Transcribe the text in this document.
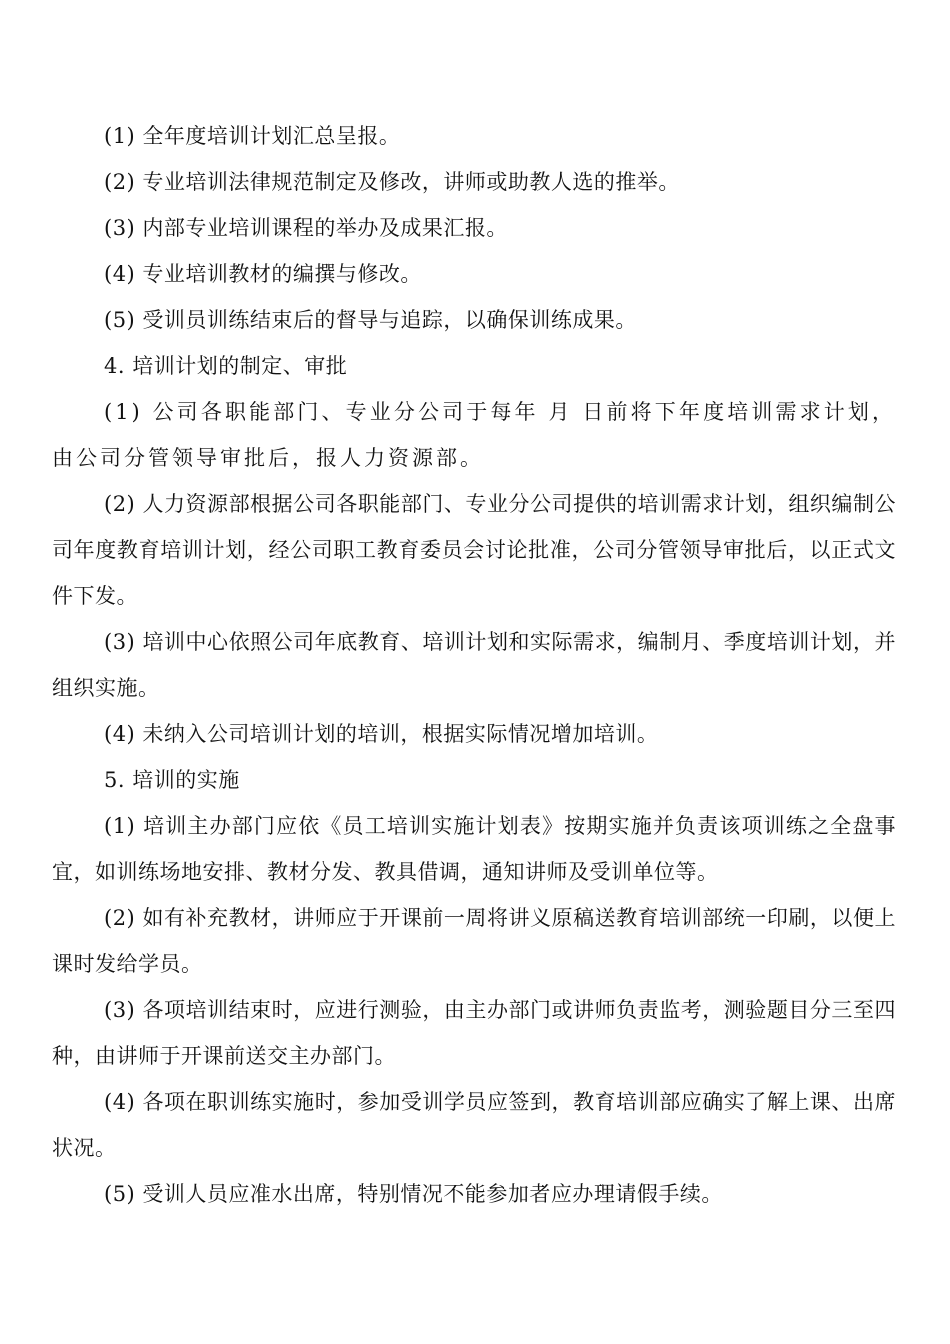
(1) 全年度培训计划汇总呈报。

(2) 专业培训法律规范制定及修改，讲师或助教人选的推举。

(3) 内部专业培训课程的举办及成果汇报。

(4) 专业培训教材的编撰与修改。

(5) 受训员训练结束后的督导与追踪，以确保训练成果。

4. 培训计划的制定、审批

(1) 公司各职能部门、专业分公司于每年 月 日前将下年度培训需求计划，由公司分管领导审批后，报人力资源部。

(2) 人力资源部根据公司各职能部门、专业分公司提供的培训需求计划，组织编制公司年度教育培训计划，经公司职工教育委员会讨论批准，公司分管领导审批后，以正式文件下发。

(3) 培训中心依照公司年底教育、培训计划和实际需求，编制月、季度培训计划，并组织实施。

(4) 未纳入公司培训计划的培训，根据实际情况增加培训。

5. 培训的实施

(1) 培训主办部门应依《员工培训实施计划表》按期实施并负责该项训练之全盘事宜，如训练场地安排、教材分发、教具借调，通知讲师及受训单位等。

(2) 如有补充教材，讲师应于开课前一周将讲义原稿送教育培训部统一印刷，以便上课时发给学员。

(3) 各项培训结束时，应进行测验，由主办部门或讲师负责监考，测验题目分三至四种，由讲师于开课前送交主办部门。

(4) 各项在职训练实施时，参加受训学员应签到，教育培训部应确实了解上课、出席状况。

(5) 受训人员应准水出席，特别情况不能参加者应办理请假手续。
